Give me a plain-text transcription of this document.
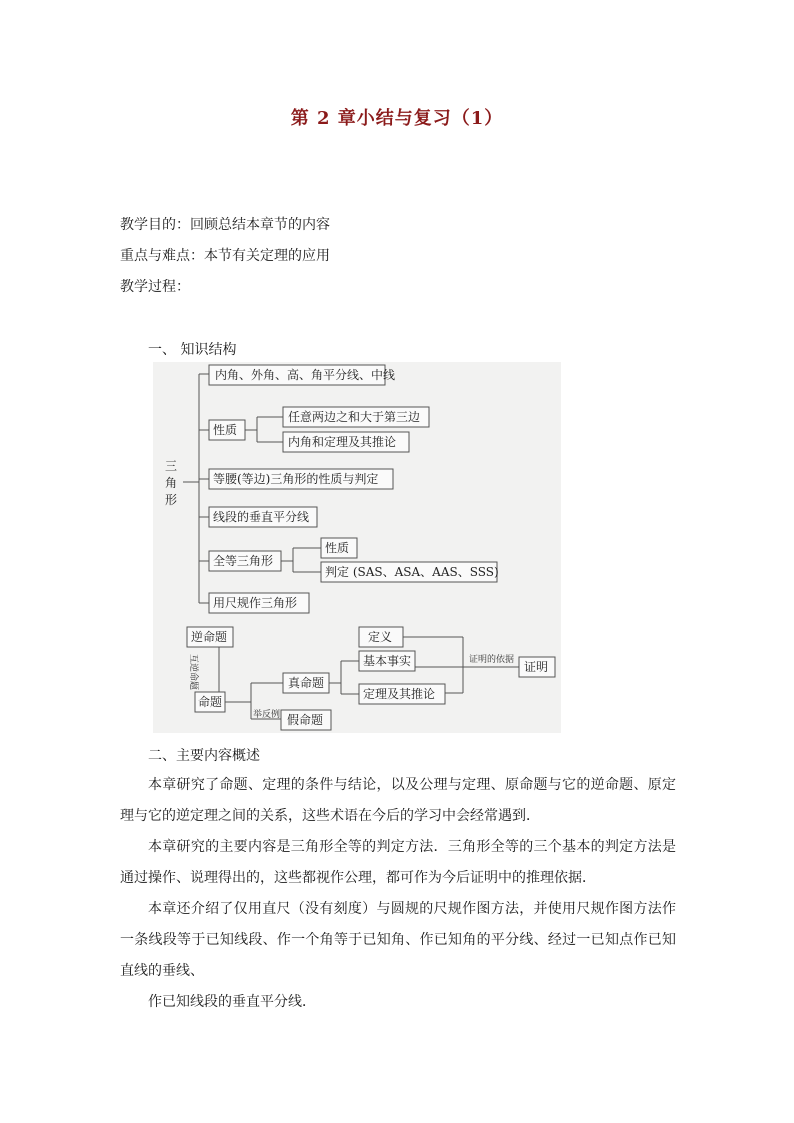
第 2 章小结与复习（1）
教学目的：回顾总结本章节的内容
重点与难点：本节有关定理的应用
教学过程：
一、 知识结构
三 角 形
内角、外角、高、角平分线、中线
性质
任意两边之和大于第三边
内角和定理及其推论
等腰(等边)三角形的性质与判定
线段的垂直平分线
全等三角形
性质
判定 (SAS、ASA、AAS、SSS)
用尺规作三角形
逆命题
互逆命题
命题
举反例
真命题
假命题
定义
基本事实
定理及其推论
证明的依据 证明
二、主要内容概述
本章研究了命题、定理的条件与结论，以及公理与定理、原命题与它的逆命题、原定理与它的逆定理之间的关系，这些术语在今后的学习中会经常遇到．
本章研究的主要内容是三角形全等的判定方法．三角形全等的三个基本的判定方法是通过操作、说理得出的，这些都视作公理，都可作为今后证明中的推理依据．
本章还介绍了仅用直尺（没有刻度）与圆规的尺规作图方法，并使用尺规作图方法作一条线段等于已知线段、作一个角等于已知角、作已知角的平分线、经过一已知点作已知直线的垂线、
作已知线段的垂直平分线．
